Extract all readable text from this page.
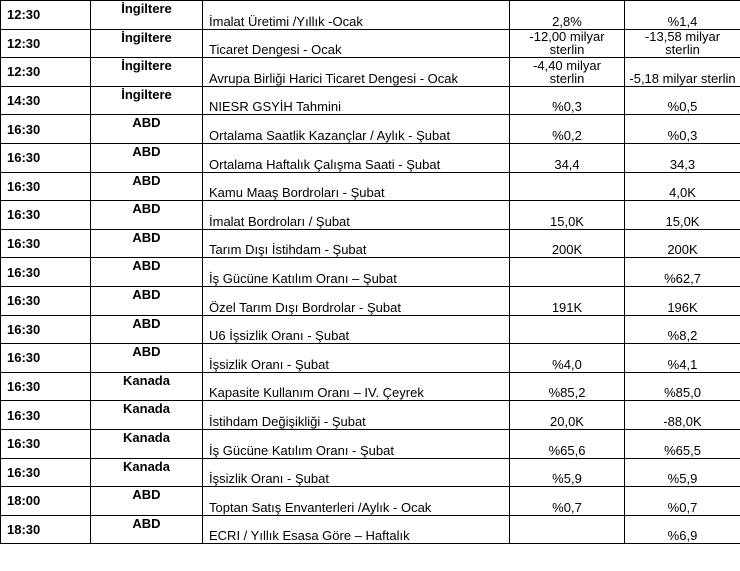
12:30	İngiltere	İmalat Üretimi /Yıllık -Ocak	2,8%	%1,4
12:30	İngiltere	Ticaret Dengesi - Ocak	-12,00 milyar sterlin	-13,58 milyar sterlin
12:30	İngiltere	Avrupa Birliği Harici Ticaret Dengesi - Ocak	-4,40 milyar sterlin	-5,18 milyar sterlin
14:30	İngiltere	NIESR GSYİH Tahmini	%0,3	%0,5
16:30	ABD	Ortalama Saatlik Kazançlar / Aylık - Şubat	%0,2	%0,3
16:30	ABD	Ortalama Haftalık Çalışma Saati - Şubat	34,4	34,3
16:30	ABD	Kamu Maaş Bordroları - Şubat		4,0K
16:30	ABD	İmalat Bordroları / Şubat	15,0K	15,0K
16:30	ABD	Tarım Dışı İstihdam - Şubat	200K	200K
16:30	ABD	İş Gücüne Katılım Oranı – Şubat		%62,7
16:30	ABD	Özel Tarım Dışı Bordrolar - Şubat	191K	196K
16:30	ABD	U6 İşsizlik Oranı - Şubat		%8,2
16:30	ABD	İşsizlik Oranı - Şubat	%4,0	%4,1
16:30	Kanada	Kapasite Kullanım Oranı – IV. Çeyrek	%85,2	%85,0
16:30	Kanada	İstihdam Değişikliği - Şubat	20,0K	-88,0K
16:30	Kanada	İş Gücüne Katılım Oranı - Şubat	%65,6	%65,5
16:30	Kanada	İşsizlik Oranı - Şubat	%5,9	%5,9
18:00	ABD	Toptan Satış Envanterleri /Aylık - Ocak	%0,7	%0,7
18:30	ABD	ECRI / Yıllık Esasa Göre – Haftalık		%6,9
